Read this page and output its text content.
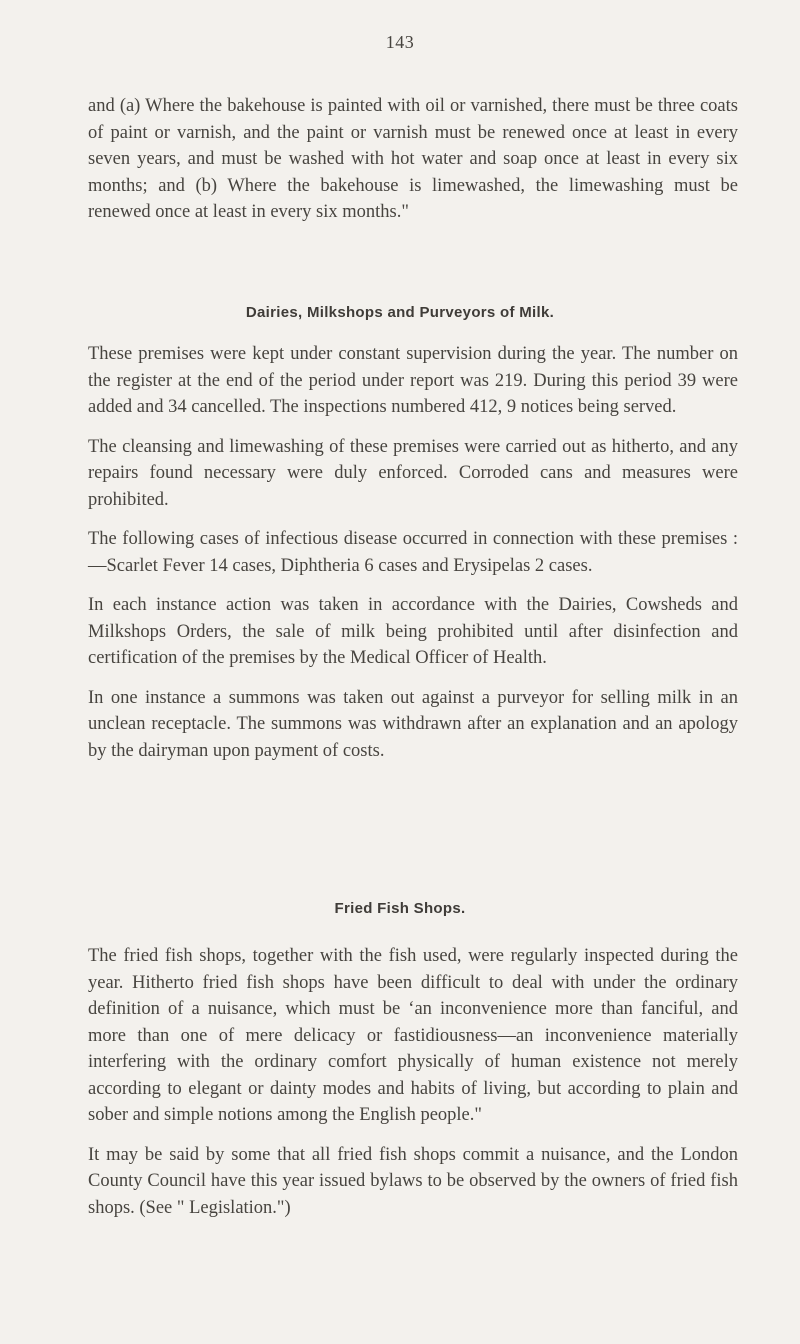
143

and (a) Where the bakehouse is painted with oil or varnished, there must be three coats of paint or varnish, and the paint or varnish must be renewed once at least in every seven years, and must be washed with hot water and soap once at least in every six months; and (b) Where the bakehouse is limewashed, the limewashing must be renewed once at least in every six months."

Dairies, Milkshops and Purveyors of Milk.

These premises were kept under constant supervision during the year. The number on the register at the end of the period under report was 219. During this period 39 were added and 34 cancelled. The inspections numbered 412, 9 notices being served.

The cleansing and limewashing of these premises were carried out as hitherto, and any repairs found necessary were duly enforced. Corroded cans and measures were prohibited.

The following cases of infectious disease occurred in connection with these premises :—Scarlet Fever 14 cases, Diphtheria 6 cases and Erysipelas 2 cases.

In each instance action was taken in accordance with the Dairies, Cowsheds and Milkshops Orders, the sale of milk being prohibited until after disinfection and certification of the premises by the Medical Officer of Health.

In one instance a summons was taken out against a purveyor for selling milk in an unclean receptacle. The summons was withdrawn after an explanation and an apology by the dairyman upon payment of costs.

Fried Fish Shops.

The fried fish shops, together with the fish used, were regularly inspected during the year. Hitherto fried fish shops have been difficult to deal with under the ordinary definition of a nuisance, which must be ‘an inconvenience more than fanciful, and more than one of mere delicacy or fastidiousness—an inconvenience materially interfering with the ordinary comfort physically of human existence not merely according to elegant or dainty modes and habits of living, but according to plain and sober and simple notions among the English people."

It may be said by some that all fried fish shops commit a nuisance, and the London County Council have this year issued bylaws to be observed by the owners of fried fish shops. (See " Legislation.")
